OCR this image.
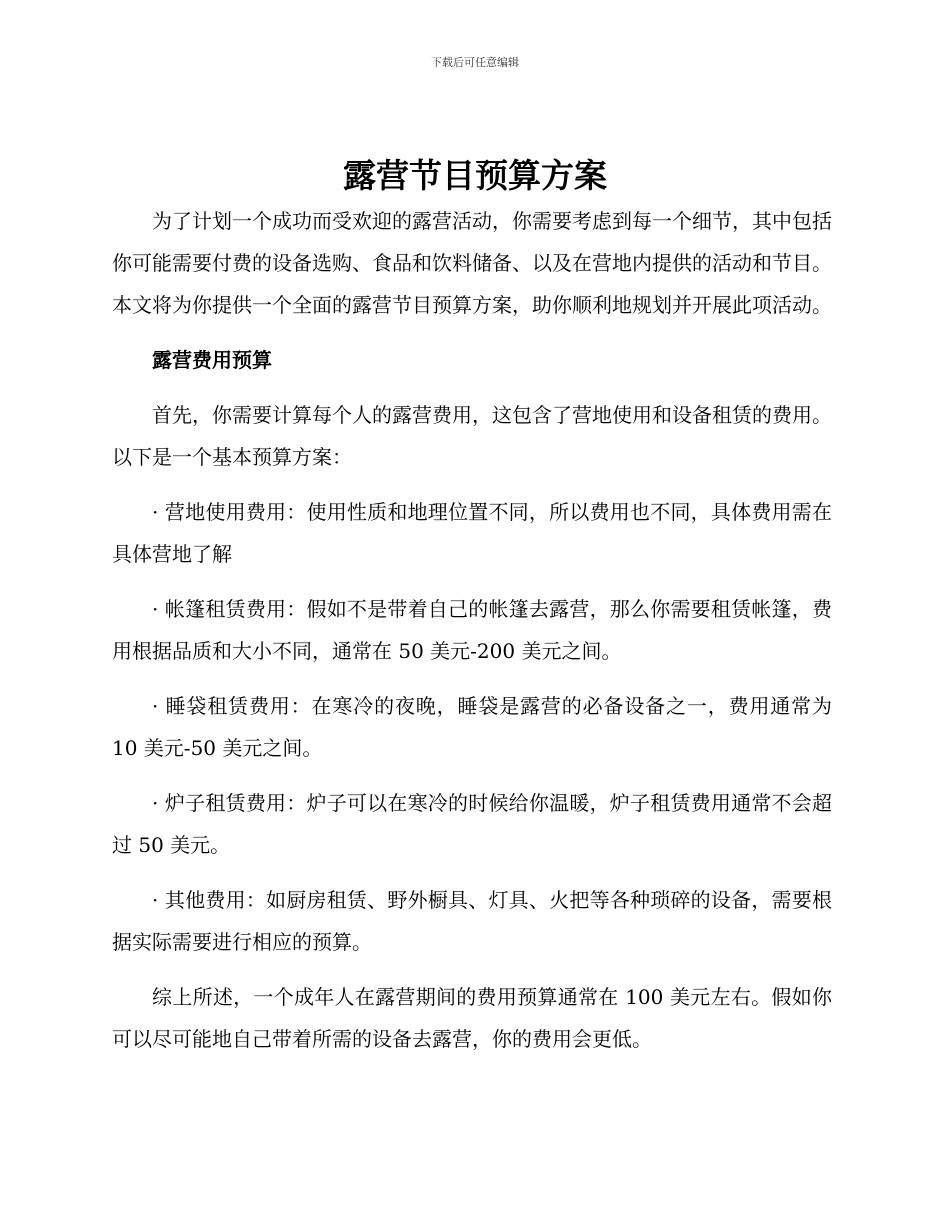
下载后可任意编辑
露营节目预算方案

为了计划一个成功而受欢迎的露营活动，你需要考虑到每一个细节，其中包括你可能需要付费的设备选购、食品和饮料储备、以及在营地内提供的活动和节目。本文将为你提供一个全面的露营节目预算方案，助你顺利地规划并开展此项活动。

露营费用预算

首先，你需要计算每个人的露营费用，这包含了营地使用和设备租赁的费用。以下是一个基本预算方案：

· 营地使用费用：使用性质和地理位置不同，所以费用也不同，具体费用需在具体营地了解

· 帐篷租赁费用：假如不是带着自己的帐篷去露营，那么你需要租赁帐篷，费用根据品质和大小不同，通常在 50 美元-200 美元之间。

· 睡袋租赁费用：在寒冷的夜晚，睡袋是露营的必备设备之一，费用通常为 10 美元-50 美元之间。

· 炉子租赁费用：炉子可以在寒冷的时候给你温暖，炉子租赁费用通常不会超过 50 美元。

· 其他费用：如厨房租赁、野外橱具、灯具、火把等各种琐碎的设备，需要根据实际需要进行相应的预算。

综上所述，一个成年人在露营期间的费用预算通常在 100 美元左右。假如你可以尽可能地自己带着所需的设备去露营，你的费用会更低。
